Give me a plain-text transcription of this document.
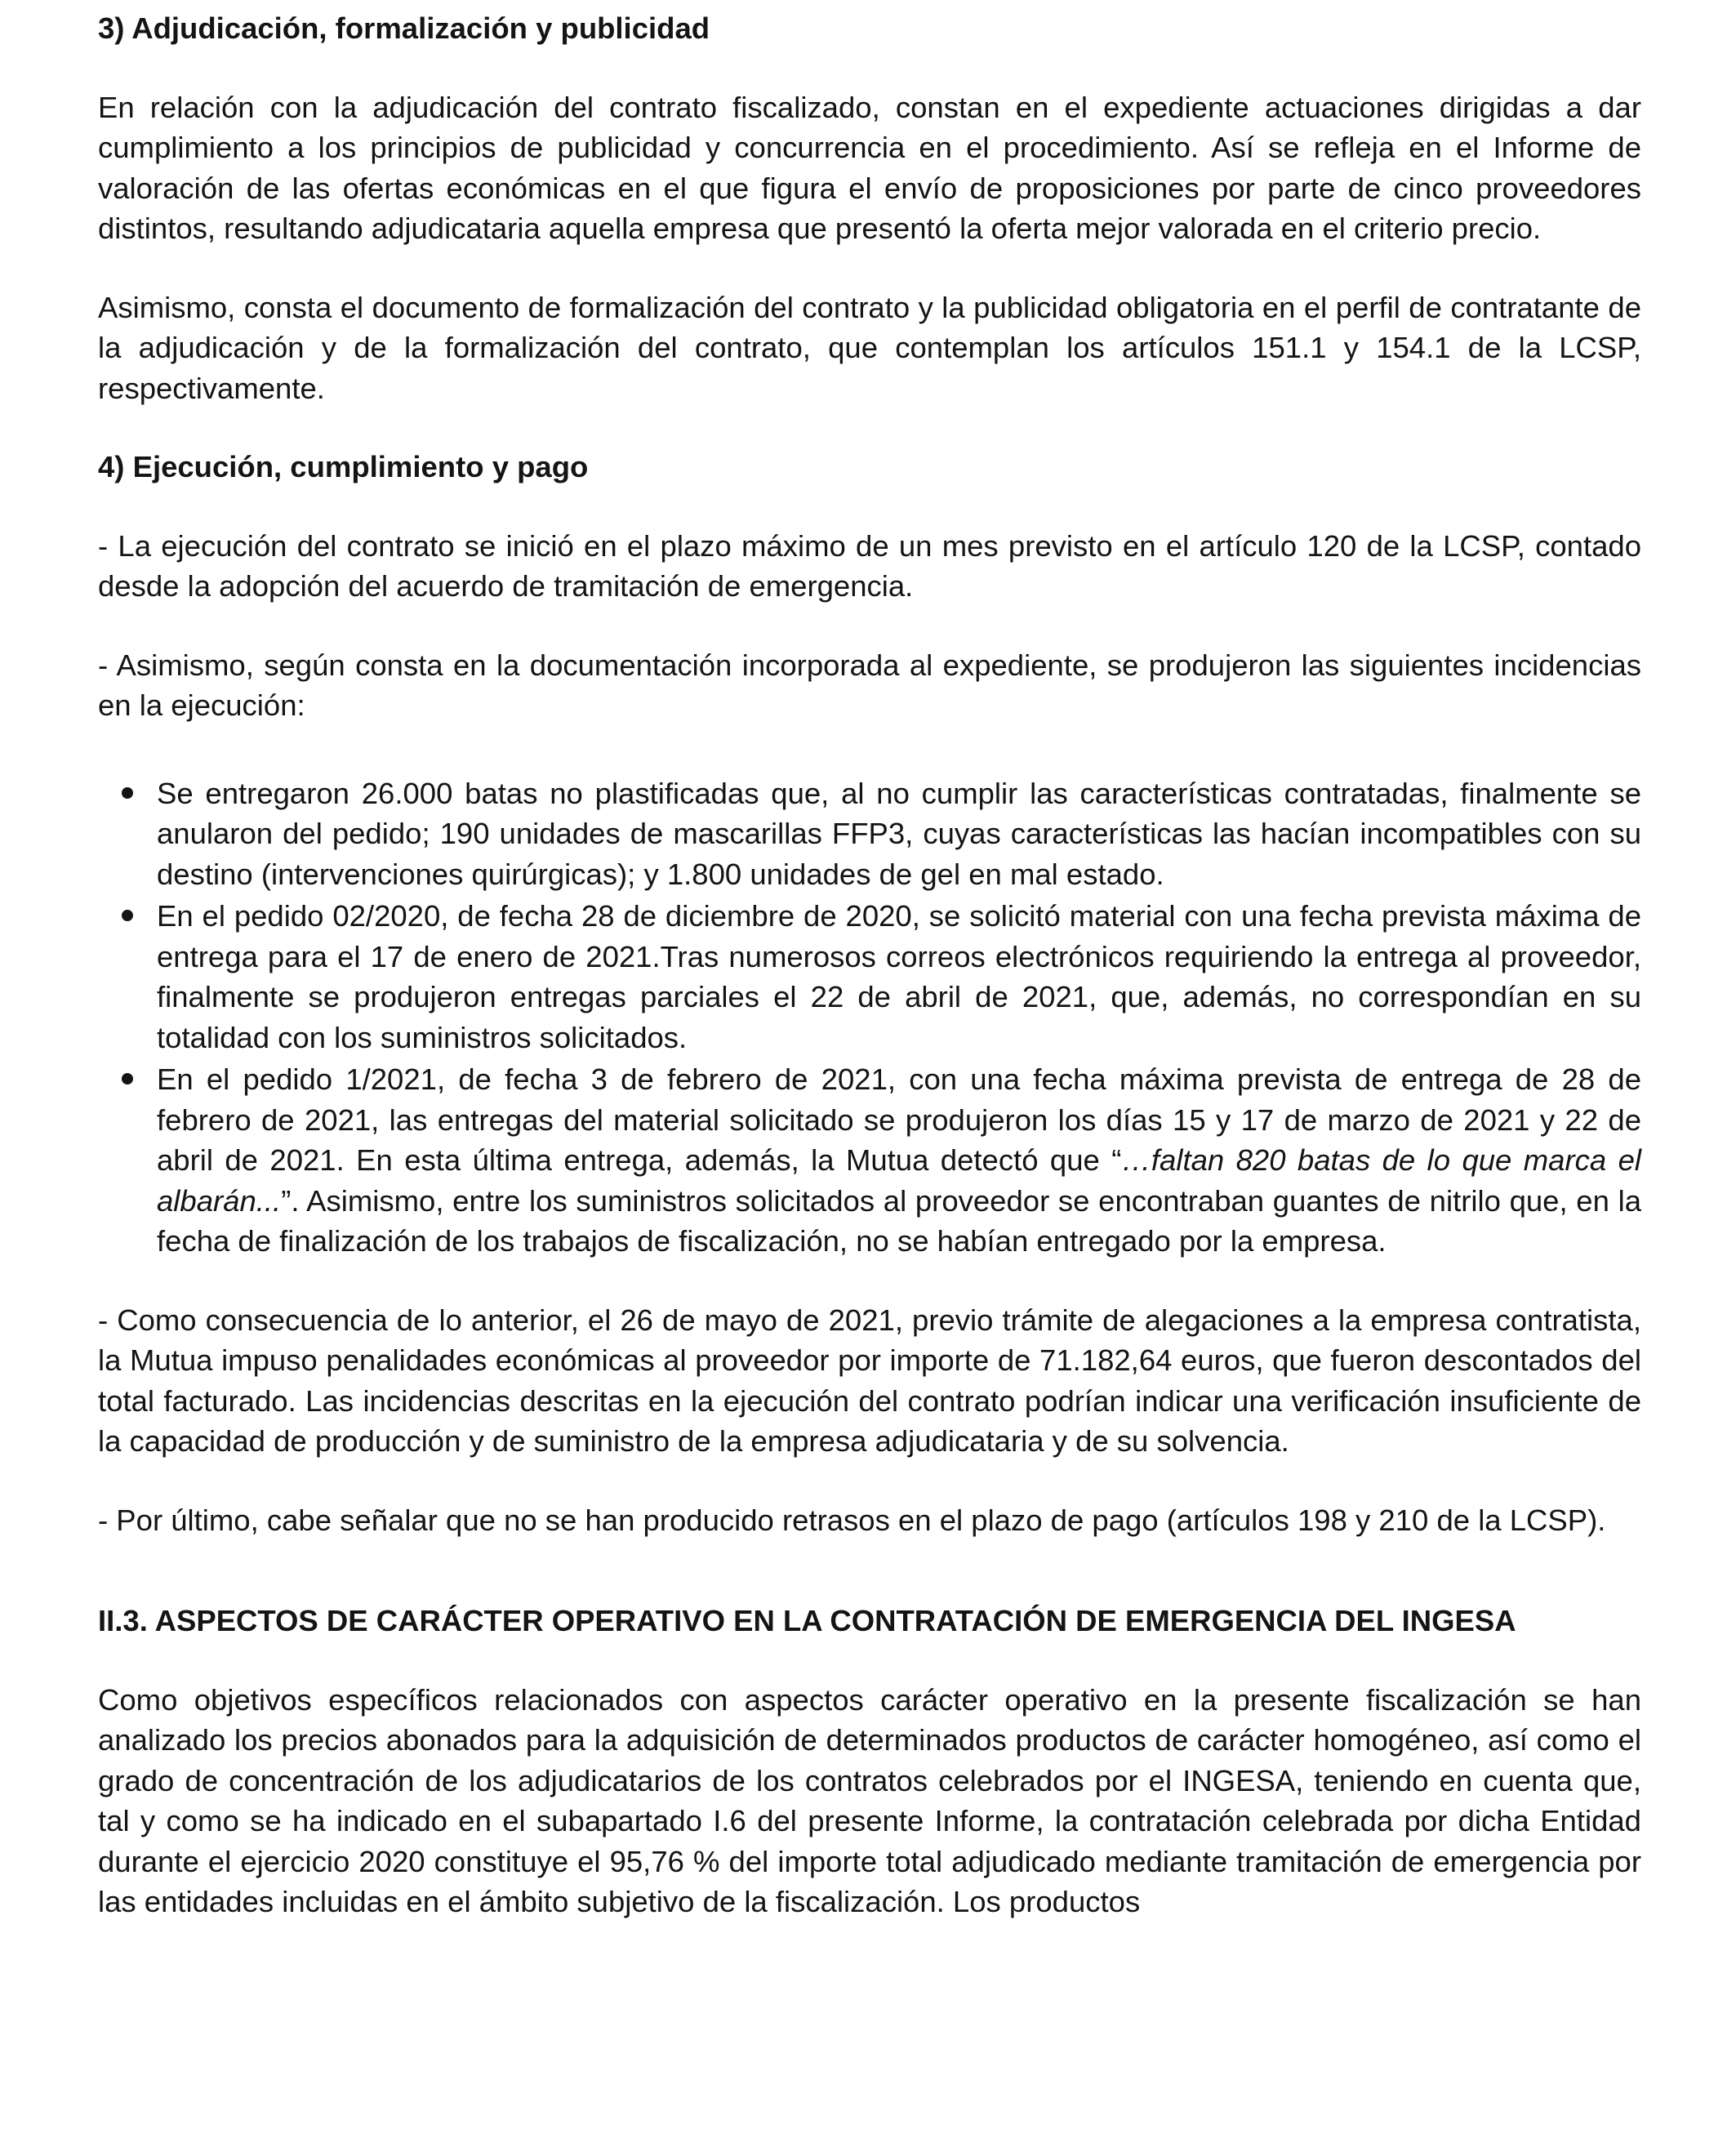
3) Adjudicación, formalización y publicidad

En relación con la adjudicación del contrato fiscalizado, constan en el expediente actuaciones dirigidas a dar cumplimiento a los principios de publicidad y concurrencia en el procedimiento. Así se refleja en el Informe de valoración de las ofertas económicas en el que figura el envío de proposiciones por parte de cinco proveedores distintos, resultando adjudicataria aquella empresa que presentó la oferta mejor valorada en el criterio precio.

Asimismo, consta el documento de formalización del contrato y la publicidad obligatoria en el perfil de contratante de la adjudicación y de la formalización del contrato, que contemplan los artículos 151.1 y 154.1 de la LCSP, respectivamente.

4) Ejecución, cumplimiento y pago

- La ejecución del contrato se inició en el plazo máximo de un mes previsto en el artículo 120 de la LCSP, contado desde la adopción del acuerdo de tramitación de emergencia.

- Asimismo, según consta en la documentación incorporada al expediente, se produjeron las siguientes incidencias en la ejecución:

Se entregaron 26.000 batas no plastificadas que, al no cumplir las características contratadas, finalmente se anularon del pedido; 190 unidades de mascarillas FFP3, cuyas características las hacían incompatibles con su destino (intervenciones quirúrgicas); y 1.800 unidades de gel en mal estado.
En el pedido 02/2020, de fecha 28 de diciembre de 2020, se solicitó material con una fecha prevista máxima de entrega para el 17 de enero de 2021.Tras numerosos correos electrónicos requiriendo la entrega al proveedor, finalmente se produjeron entregas parciales el 22 de abril de 2021, que, además, no correspondían en su totalidad con los suministros solicitados.
En el pedido 1/2021, de fecha 3 de febrero de 2021, con una fecha máxima prevista de entrega de 28 de febrero de 2021, las entregas del material solicitado se produjeron los días 15 y 17 de marzo de 2021 y 22 de abril de 2021. En esta última entrega, además, la Mutua detectó que “…faltan 820 batas de lo que marca el albarán...”. Asimismo, entre los suministros solicitados al proveedor se encontraban guantes de nitrilo que, en la fecha de finalización de los trabajos de fiscalización, no se habían entregado por la empresa.

- Como consecuencia de lo anterior, el 26 de mayo de 2021, previo trámite de alegaciones a la empresa contratista, la Mutua impuso penalidades económicas al proveedor por importe de 71.182,64 euros, que fueron descontados del total facturado. Las incidencias descritas en la ejecución del contrato podrían indicar una verificación insuficiente de la capacidad de producción y de suministro de la empresa adjudicataria y de su solvencia.

- Por último, cabe señalar que no se han producido retrasos en el plazo de pago (artículos 198 y 210 de la LCSP).

II.3. ASPECTOS DE CARÁCTER OPERATIVO EN LA CONTRATACIÓN DE EMERGENCIA DEL INGESA

Como objetivos específicos relacionados con aspectos carácter operativo en la presente fiscalización se han analizado los precios abonados para la adquisición de determinados productos de carácter homogéneo, así como el grado de concentración de los adjudicatarios de los contratos celebrados por el INGESA, teniendo en cuenta que, tal y como se ha indicado en el subapartado I.6 del presente Informe, la contratación celebrada por dicha Entidad durante el ejercicio 2020 constituye el 95,76 % del importe total adjudicado mediante tramitación de emergencia por las entidades incluidas en el ámbito subjetivo de la fiscalización. Los productos
